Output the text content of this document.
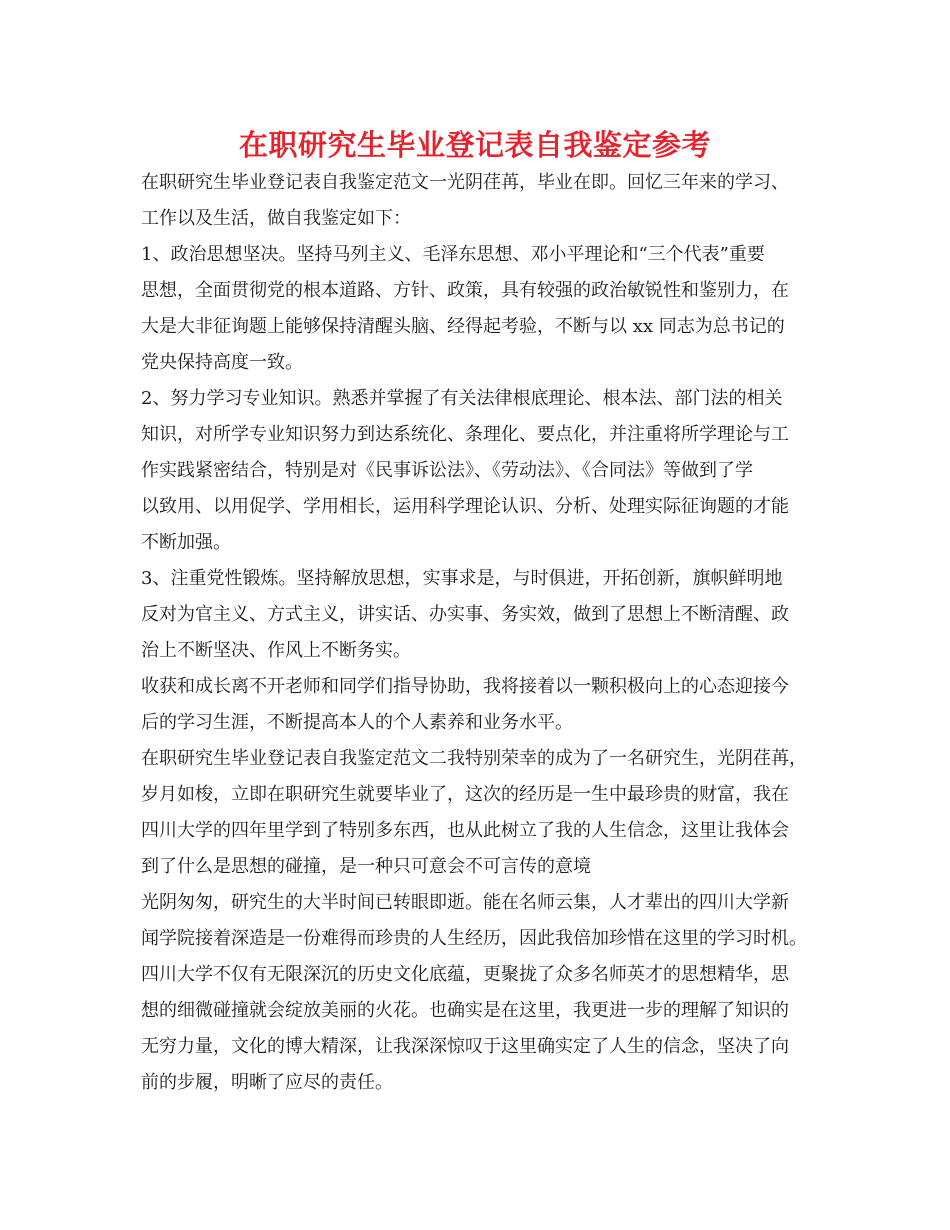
在职研究生毕业登记表自我鉴定参考
在职研究生毕业登记表自我鉴定范文一光阴荏苒，毕业在即。回忆三年来的学习、
工作以及生活，做自我鉴定如下：
1、政治思想坚决。坚持马列主义、毛泽东思想、邓小平理论和“三个代表”重要
思想，全面贯彻党的根本道路、方针、政策，具有较强的政治敏锐性和鉴别力，在
大是大非征询题上能够保持清醒头脑、经得起考验，不断与以 xx 同志为总书记的
党央保持高度一致。
2、努力学习专业知识。熟悉并掌握了有关法律根底理论、根本法、部门法的相关
知识，对所学专业知识努力到达系统化、条理化、要点化，并注重将所学理论与工
作实践紧密结合，特别是对《民事诉讼法》、《劳动法》、《合同法》等做到了学
以致用、以用促学、学用相长，运用科学理论认识、分析、处理实际征询题的才能
不断加强。
3、注重党性锻炼。坚持解放思想，实事求是，与时俱进，开拓创新，旗帜鲜明地
反对为官主义、方式主义，讲实话、办实事、务实效，做到了思想上不断清醒、政
治上不断坚决、作风上不断务实。
收获和成长离不开老师和同学们指导协助，我将接着以一颗积极向上的心态迎接今
后的学习生涯，不断提高本人的个人素养和业务水平。
在职研究生毕业登记表自我鉴定范文二我特别荣幸的成为了一名研究生，光阴荏苒，
岁月如梭，立即在职研究生就要毕业了，这次的经历是一生中最珍贵的财富，我在
四川大学的四年里学到了特别多东西，也从此树立了我的人生信念，这里让我体会
到了什么是思想的碰撞，是一种只可意会不可言传的意境
光阴匆匆，研究生的大半时间已转眼即逝。能在名师云集，人才辈出的四川大学新
闻学院接着深造是一份难得而珍贵的人生经历，因此我倍加珍惜在这里的学习时机。
四川大学不仅有无限深沉的历史文化底蕴，更聚拢了众多名师英才的思想精华，思
想的细微碰撞就会绽放美丽的火花。也确实是在这里，我更进一步的理解了知识的
无穷力量，文化的博大精深，让我深深惊叹于这里确实定了人生的信念，坚决了向
前的步履，明晰了应尽的责任。
